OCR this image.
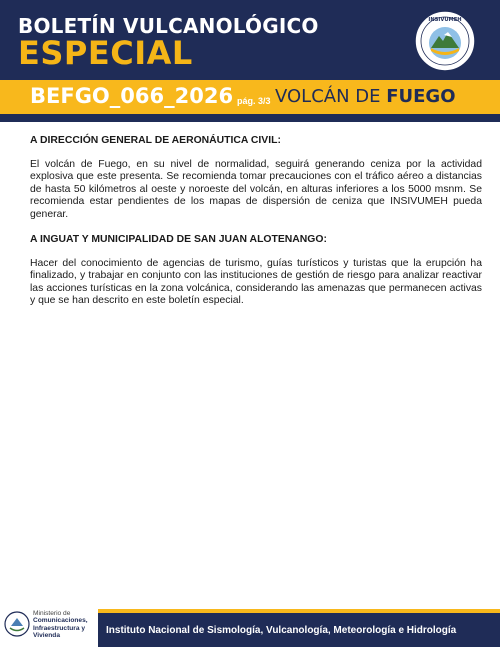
BOLETÍN VULCANOLÓGICO
ESPECIAL
INSIVUMEH
BEFGO_066_2026 pág. 3/3 VOLCÁN DE FUEGO
A DIRECCIÓN GENERAL DE AERONÁUTICA CIVIL:
El volcán de Fuego, en su nivel de normalidad, seguirá generando ceniza por la actividad explosiva que este presenta. Se recomienda tomar precauciones con el tráfico aéreo a distancias de hasta 50 kilómetros al oeste y noroeste del volcán, en alturas inferiores a los 5000 msnm. Se recomienda estar pendientes de los mapas de dispersión de ceniza que INSIVUMEH pueda generar.
A INGUAT Y MUNICIPALIDAD DE SAN JUAN ALOTENANGO:
Hacer del conocimiento de agencias de turismo, guías turísticos y turistas que la erupción ha finalizado, y trabajar en conjunto con las instituciones de gestión de riesgo para analizar reactivar las acciones turísticas en la zona volcánica, considerando las amenazas que permanecen activas y que se han descrito en este boletín especial.
Ministerio de
Comunicaciones,
Infraestructura y
Vivienda	Instituto Nacional de Sismología, Vulcanología, Meteorología e Hidrología
